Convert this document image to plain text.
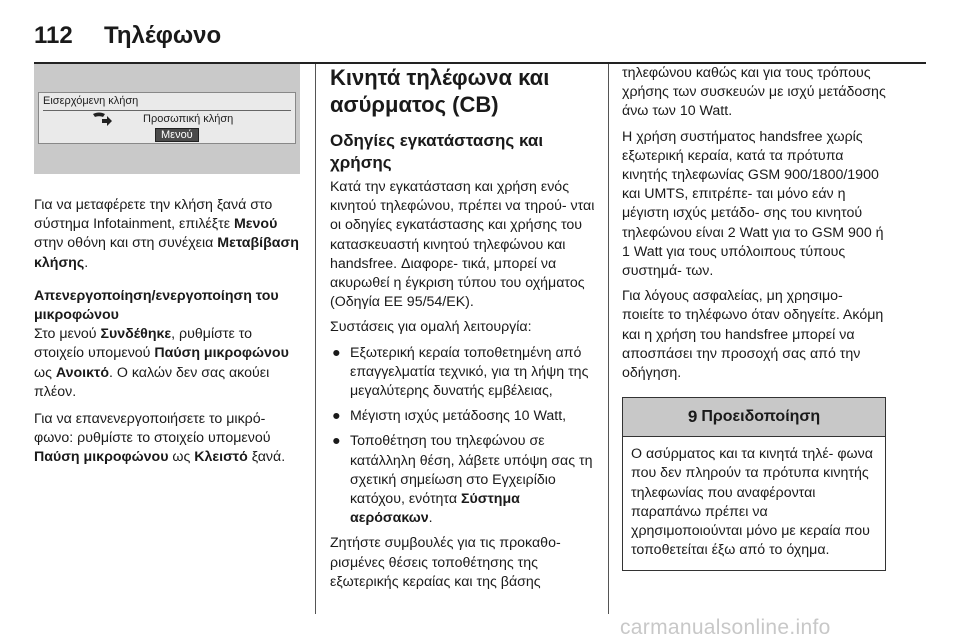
112 Τηλέφωνο
Εισερχόμενη κλήση
Προσωπική κλήση
Μενού

Για να μεταφέρετε την κλήση ξανά στο σύστημα Infotainment, επιλέξτε Μενού στην οθόνη και στη συνέχεια Μεταβίβαση κλήσης.

Απενεργοποίηση/ενεργοποίηση του μικροφώνου

Στο μενού Συνδέθηκε, ρυθμίστε το στοιχείο υπομενού Παύση μικροφώνου ως Ανοικτό. Ο καλών δεν σας ακούει πλέον.

Για να επανενεργοποιήσετε το μικρό- φωνο: ρυθμίστε το στοιχείο υπομενού Παύση μικροφώνου ως Κλειστό ξανά.

Κινητά τηλέφωνα και ασύρματος (CB)
Οδηγίες εγκατάστασης και χρήσης

Κατά την εγκατάσταση και χρήση ενός κινητού τηλεφώνου, πρέπει να τηρού- νται οι οδηγίες εγκατάστασης και χρήσης του κατασκευαστή κινητού τηλεφώνου και handsfree. Διαφορε- τικά, μπορεί να ακυρωθεί η έγκριση τύπου του οχήματος (Οδηγία ΕΕ 95/54/ΕΚ).

Συστάσεις για ομαλή λειτουργία:

● Εξωτερική κεραία τοποθετημένη από επαγγελματία τεχνικό, για τη λήψη της μεγαλύτερης δυνατής εμβέλειας,
● Μέγιστη ισχύς μετάδοσης 10 Watt,
● Τοποθέτηση του τηλεφώνου σε κατάλληλη θέση, λάβετε υπόψη σας τη σχετική σημείωση στο Εγχειρίδιο κατόχου, ενότητα Σύστημα αερόσακων.

Ζητήστε συμβουλές για τις προκαθο- ρισμένες θέσεις τοποθέτησης της εξωτερικής κεραίας και της βάσης

τηλεφώνου καθώς και για τους τρόπους χρήσης των συσκευών με ισχύ μετάδοσης άνω των 10 Watt.

Η χρήση συστήματος handsfree χωρίς εξωτερική κεραία, κατά τα πρότυπα κινητής τηλεφωνίας GSM 900/1800/1900 και UMTS, επιτρέπε- ται μόνο εάν η μέγιστη ισχύς μετάδο- σης του κινητού τηλεφώνου είναι 2 Watt για το GSM 900 ή 1 Watt για τους υπόλοιπους τύπους συστημά- των.

Για λόγους ασφαλείας, μη χρησιμο- ποιείτε το τηλέφωνο όταν οδηγείτε. Ακόμη και η χρήση του handsfree μπορεί να αποσπάσει την προσοχή σας από την οδήγηση.

9 Προειδοποίηση

Ο ασύρματος και τα κινητά τηλέ- φωνα που δεν πληρούν τα πρότυπα κινητής τηλεφωνίας που αναφέρονται παραπάνω πρέπει να χρησιμοποιούνται μόνο με κεραία που τοποθετείται έξω από το όχημα.

carmanualsonline.info
